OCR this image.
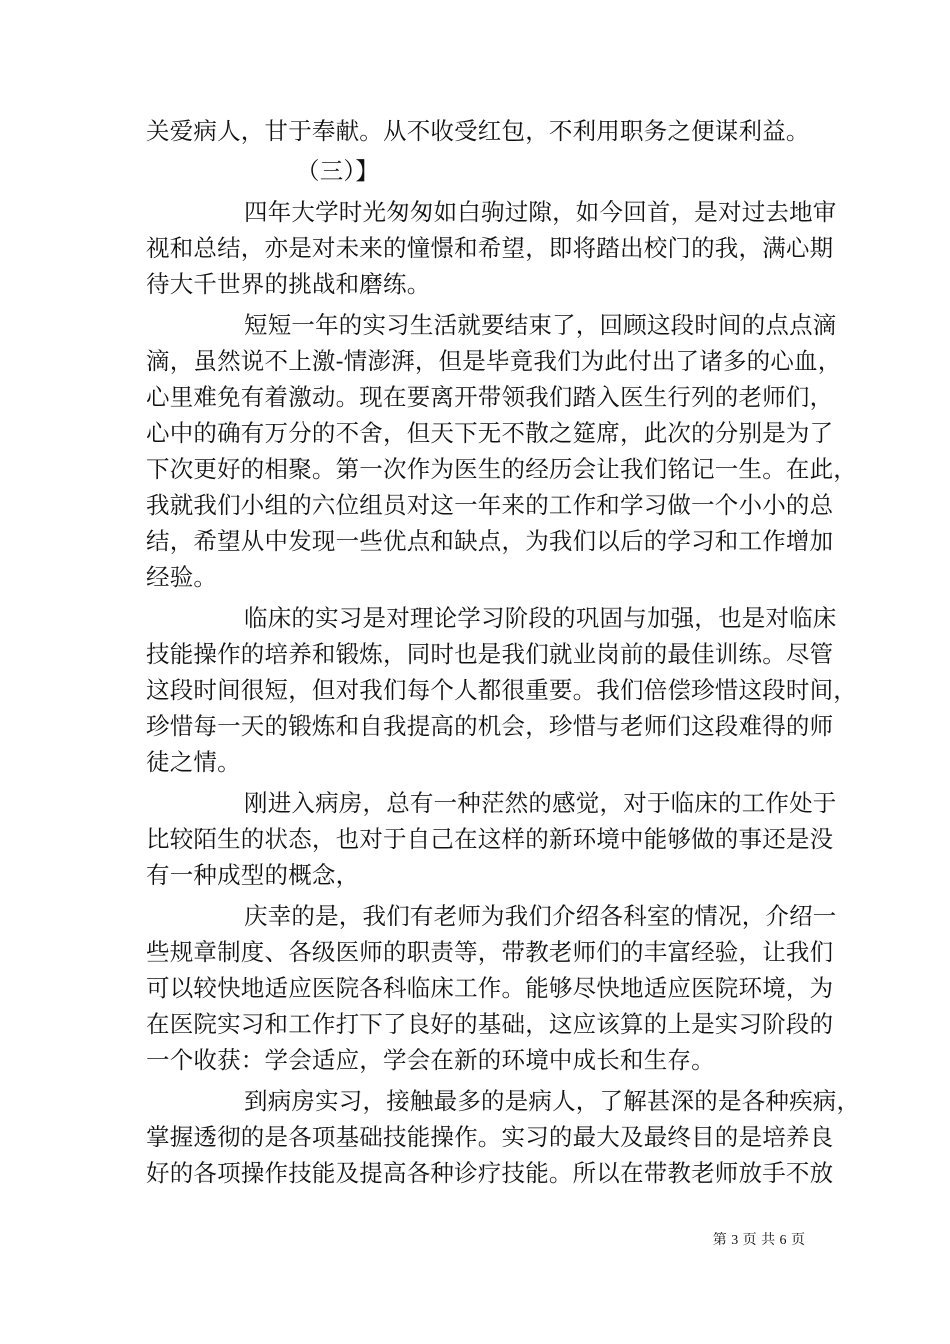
关爱病人，甘于奉献。从不收受红包，不利用职务之便谋利益。
（三）】
四年大学时光匆匆如白驹过隙，如今回首，是对过去地审
视和总结，亦是对未来的憧憬和希望，即将踏出校门的我，满心期
待大千世界的挑战和磨练。
短短一年的实习生活就要结束了，回顾这段时间的点点滴
滴，虽然说不上激-情澎湃，但是毕竟我们为此付出了诸多的心血，
心里难免有着激动。现在要离开带领我们踏入医生行列的老师们，
心中的确有万分的不舍，但天下无不散之筵席，此次的分别是为了
下次更好的相聚。第一次作为医生的经历会让我们铭记一生。在此，
我就我们小组的六位组员对这一年来的工作和学习做一个小小的总
结，希望从中发现一些优点和缺点，为我们以后的学习和工作增加
经验。
临床的实习是对理论学习阶段的巩固与加强，也是对临床
技能操作的培养和锻炼，同时也是我们就业岗前的最佳训练。尽管
这段时间很短，但对我们每个人都很重要。我们倍偿珍惜这段时间，
珍惜每一天的锻炼和自我提高的机会，珍惜与老师们这段难得的师
徒之情。
刚进入病房，总有一种茫然的感觉，对于临床的工作处于
比较陌生的状态，也对于自己在这样的新环境中能够做的事还是没
有一种成型的概念，
庆幸的是，我们有老师为我们介绍各科室的情况，介绍一
些规章制度、各级医师的职责等，带教老师们的丰富经验，让我们
可以较快地适应医院各科临床工作。能够尽快地适应医院环境，为
在医院实习和工作打下了良好的基础，这应该算的上是实习阶段的
一个收获：学会适应，学会在新的环境中成长和生存。
到病房实习，接触最多的是病人，了解甚深的是各种疾病，
掌握透彻的是各项基础技能操作。实习的最大及最终目的是培养良
好的各项操作技能及提高各种诊疗技能。所以在带教老师放手不放
第 3 页 共 6 页
